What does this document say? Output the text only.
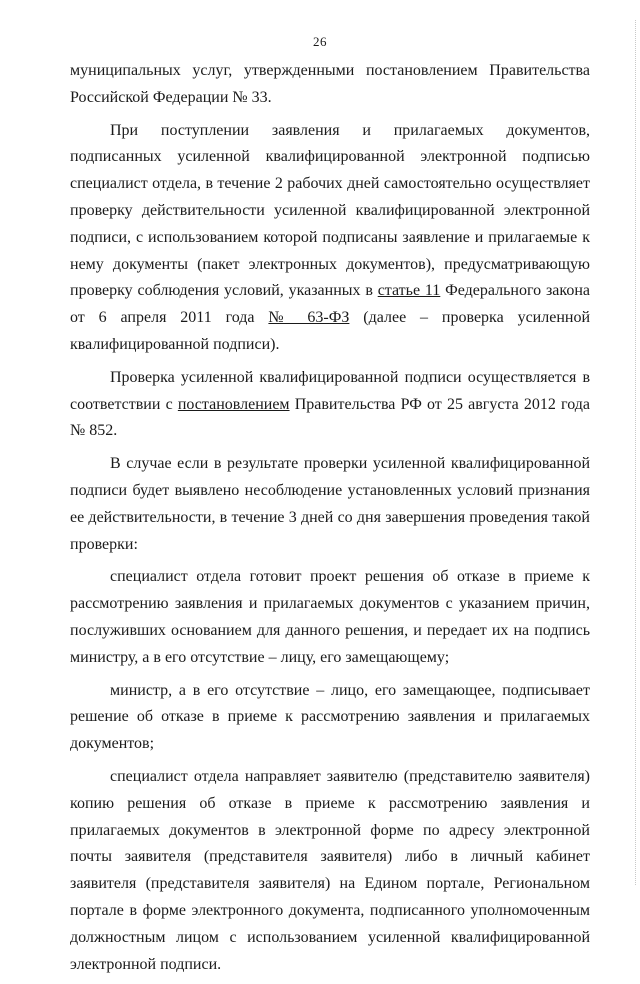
26

муниципальных услуг, утвержденными постановлением Правительства Российской Федерации № 33.

При поступлении заявления и прилагаемых документов, подписанных усиленной квалифицированной электронной подписью специалист отдела, в течение 2 рабочих дней самостоятельно осуществляет проверку действительности усиленной квалифицированной электронной подписи, с использованием которой подписаны заявление и прилагаемые к нему документы (пакет электронных документов), предусматривающую проверку соблюдения условий, указанных в статье 11 Федерального закона от 6 апреля 2011 года № 63-ФЗ (далее – проверка усиленной квалифицированной подписи).

Проверка усиленной квалифицированной подписи осуществляется в соответствии с постановлением Правительства РФ от 25 августа 2012 года № 852.

В случае если в результате проверки усиленной квалифицированной подписи будет выявлено несоблюдение установленных условий признания ее действительности, в течение 3 дней со дня завершения проведения такой проверки:

специалист отдела готовит проект решения об отказе в приеме к рассмотрению заявления и прилагаемых документов с указанием причин, послуживших основанием для данного решения, и передает их на подпись министру, а в его отсутствие – лицу, его замещающему;

министр, а в его отсутствие – лицо, его замещающее, подписывает решение об отказе в приеме к рассмотрению заявления и прилагаемых документов;

специалист отдела направляет заявителю (представителю заявителя) копию решения об отказе в приеме к рассмотрению заявления и прилагаемых документов в электронной форме по адресу электронной почты заявителя (представителя заявителя) либо в личный кабинет заявителя (представителя заявителя) на Едином портале, Региональном портале в форме электронного документа, подписанного уполномоченным должностным лицом с использованием усиленной квалифицированной электронной подписи.
